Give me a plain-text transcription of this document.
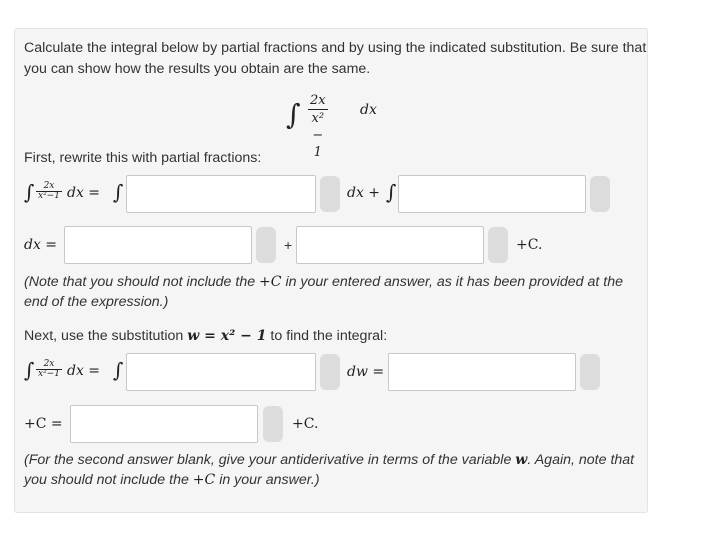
Calculate the integral below by partial fractions and by using the indicated substitution. Be sure that
you can show how the results you obtain are the same.
∫ $\frac{2x}{\text{x² − 1}}$ dx
First, rewrite this with partial fractions:
∫ $\frac{2x}{\text{x²−1}}$ dx = ∫	dx + ∫
dx =	+	+C.
(Note that you should not include the +C in your entered answer, as it has been provided at the
end of the expression.)
Next, use the substitution w = x² − 1 to find the integral:
∫ $\frac{2x}{\text{x²−1}}$ dx = ∫	dw =
+C =	+C.
(For the second answer blank, give your antiderivative in terms of the variable w. Again, note that
you should not include the +C in your answer.)
